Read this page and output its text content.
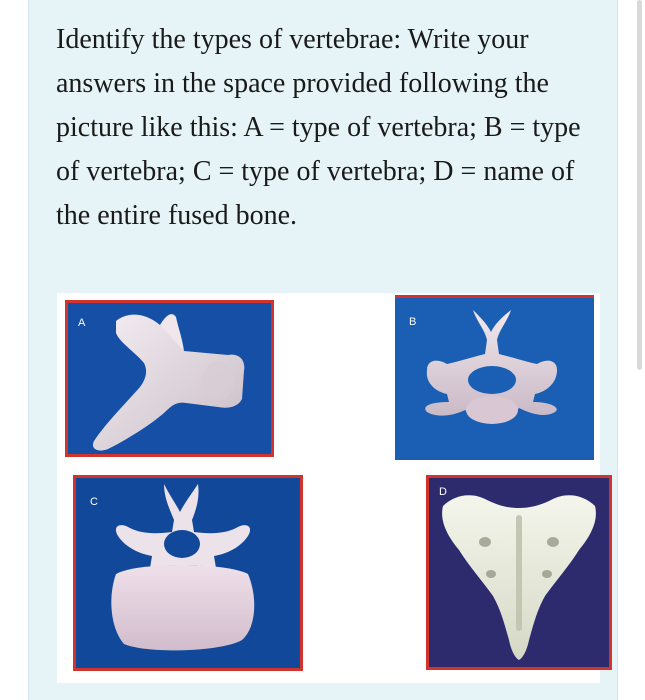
Identify the types of vertebrae: Write your answers in the space provided following the picture like this: A = type of vertebra; B = type of vertebra; C = type of vertebra; D = name of the entire fused bone.

A	B
C
D
